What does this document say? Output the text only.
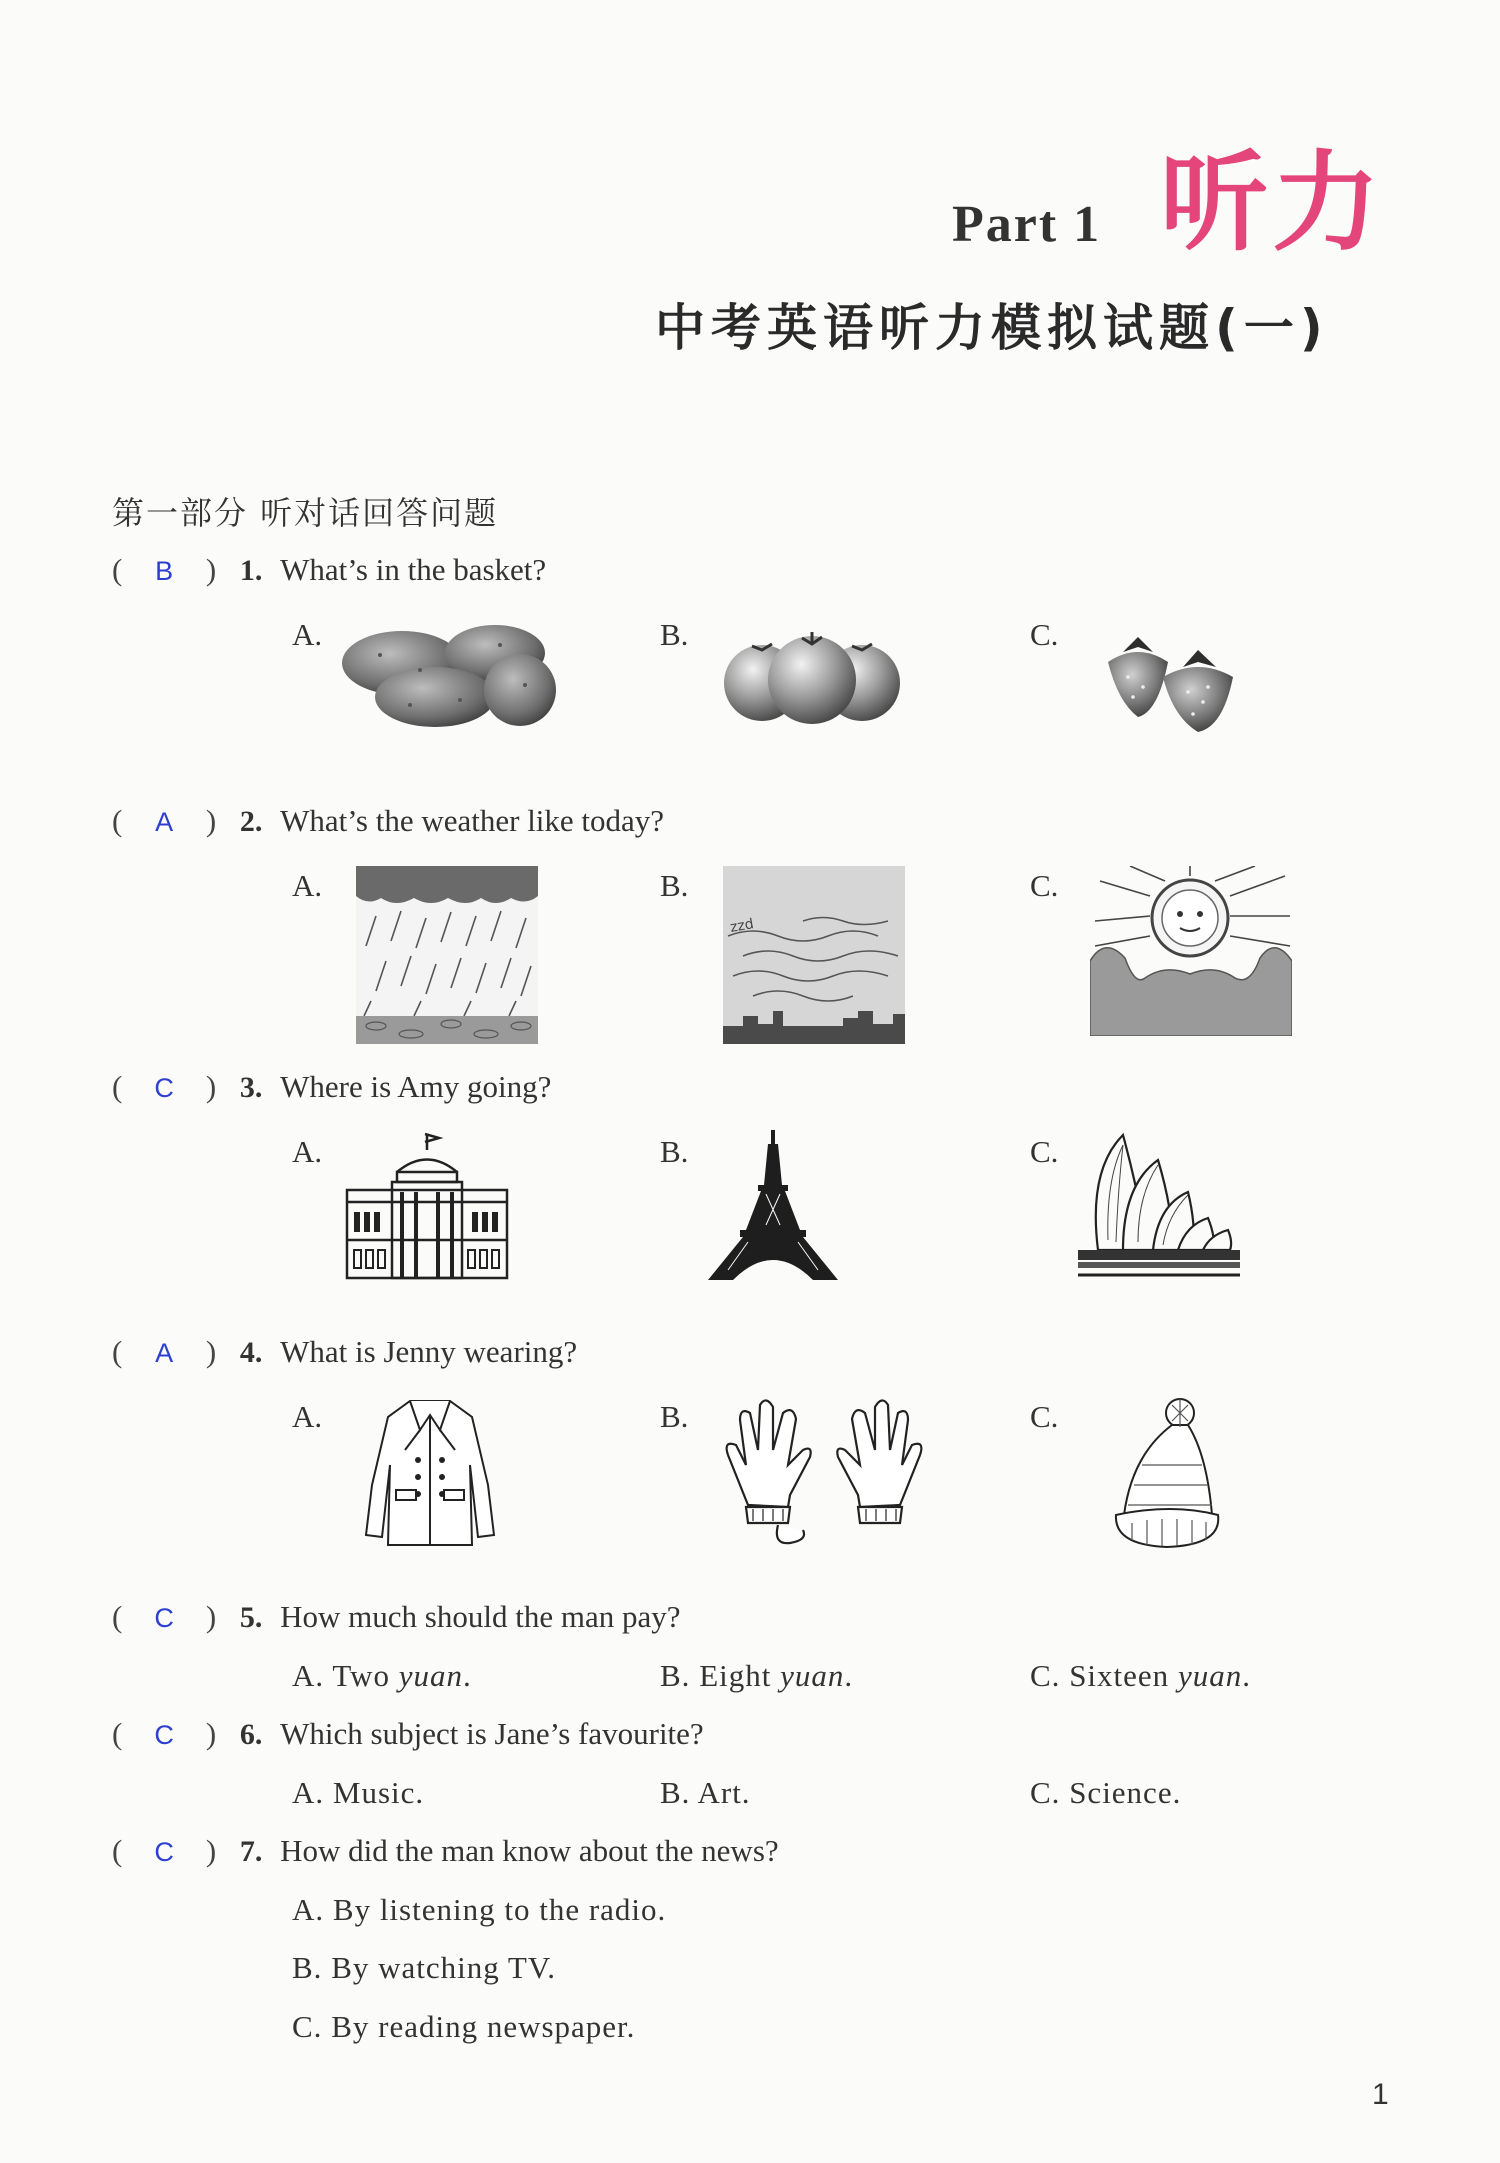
Part 1 听力
中考英语听力模拟试题(一)
第一部分 听对话回答问题
( B ) 1. What’s in the basket?
A.	B.	C.
( A ) 2. What’s the weather like today?
A.	B.	C.
zzd
( C ) 3. Where is Amy going?
A.	B.	C.
( A ) 4. What is Jenny wearing?
A.	B.	C.
( C ) 5. How much should the man pay?
A. Two yuan.	B. Eight yuan.	C. Sixteen yuan.
( C ) 6. Which subject is Jane’s favourite?
A. Music.	B. Art.	C. Science.
( C ) 7. How did the man know about the news?
A. By listening to the radio.
B. By watching TV.
C. By reading newspaper.
1
